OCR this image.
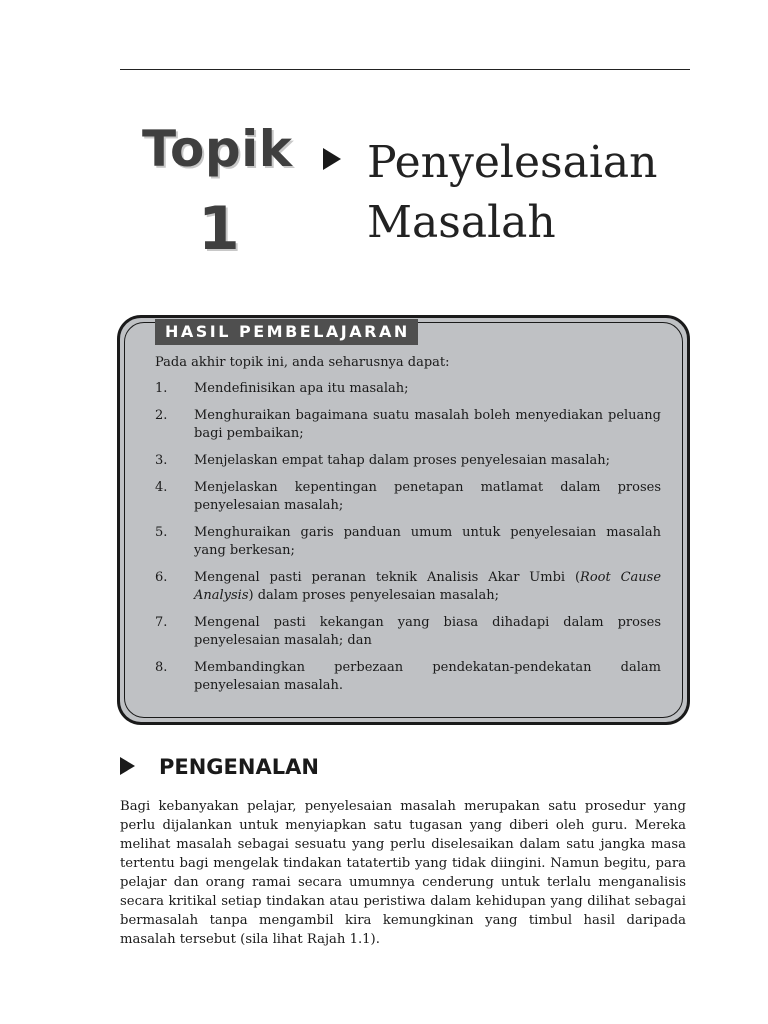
Topik
1
Penyelesaian
Masalah
HASIL PEMBELAJARAN

Pada akhir topik ini, anda seharusnya dapat:

1.	Mendefinisikan apa itu masalah;
2.	Menghuraikan bagaimana suatu masalah boleh menyediakan peluang bagi pembaikan;
3.	Menjelaskan empat tahap dalam proses penyelesaian masalah;
4.	Menjelaskan kepentingan penetapan matlamat dalam proses penyelesaian masalah;
5.	Menghuraikan garis panduan umum untuk penyelesaian masalah yang berkesan;
6.	Mengenal pasti peranan teknik Analisis Akar Umbi (Root Cause Analysis) dalam proses penyelesaian masalah;
7.	Mengenal pasti kekangan yang biasa dihadapi dalam proses penyelesaian masalah; dan
8.	Membandingkan perbezaan pendekatan-pendekatan dalam penyelesaian masalah.
PENGENALAN

Bagi kebanyakan pelajar, penyelesaian masalah merupakan satu prosedur yang perlu dijalankan untuk menyiapkan satu tugasan yang diberi oleh guru. Mereka melihat masalah sebagai sesuatu yang perlu diselesaikan dalam satu jangka masa tertentu bagi mengelak tindakan tatatertib yang tidak diingini. Namun begitu, para pelajar dan orang ramai secara umumnya cenderung untuk terlalu menganalisis secara kritikal setiap tindakan atau peristiwa dalam kehidupan yang dilihat sebagai bermasalah tanpa mengambil kira kemungkinan yang timbul hasil daripada masalah tersebut (sila lihat Rajah 1.1).
